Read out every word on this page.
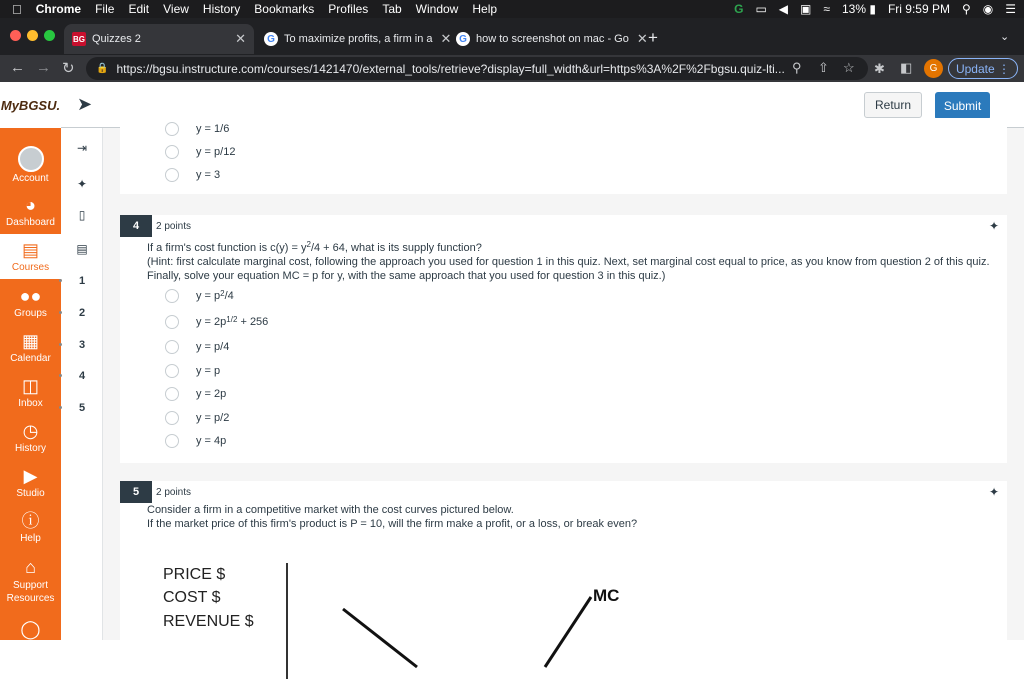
Chrome File Edit View History Bookmarks Profiles Tab Window Help	G ▭ ◀ ▣ ≈ 13% ▮ Fri 9:59 PM ⚲ ◉ ☰
BG Quizzes 2	✕	G To maximize profits, a firm in a ✕ G how to screenshot on mac - Go ✕ +	⌄
← → ↻ 🔒 https://bgsu.instructure.com/courses/1421470/external_tools/retrieve?display=full_width&url=https%3A%2F%2Fbgsu.quiz-lti... ⚲ ⇧ ☆ ✱ ◧	G	Update ⋮
MyBGSU.
Account
◕
Dashboard
▤
Courses
●●
Groups
▦
Calendar
◫
Inbox
◷
History
▶
Studio
ⓘ
Help
⌂
Support Resources
◯
➤	Return	Submit
⇥
✦
▯
▤
1
2
3
4
5
y = 1/6
y = p/12
y = 3
4	2 points	✦
If a firm's cost function is $c(y) = y^2/4 + 64$, what is its supply function?
(Hint: first calculate marginal cost, following the approach you used for question 1 in this quiz. Next, set marginal cost equal to price, as you know from question 2 of this quiz. Finally, solve your equation MC = p for y, with the same approach that you used for question 3 in this quiz.)
$y = p^2/4$
$y = 2p^{1/2} + 256$
y = p/4
y = p
y = 2p
y = p/2
y = 4p
5	2 points	✦
Consider a firm in a competitive market with the cost curves pictured below.
If the market price of this firm's product is P = 10, will the firm make a profit, or a loss, or break even?
PRICE $
COST $
REVENUE $
MC
